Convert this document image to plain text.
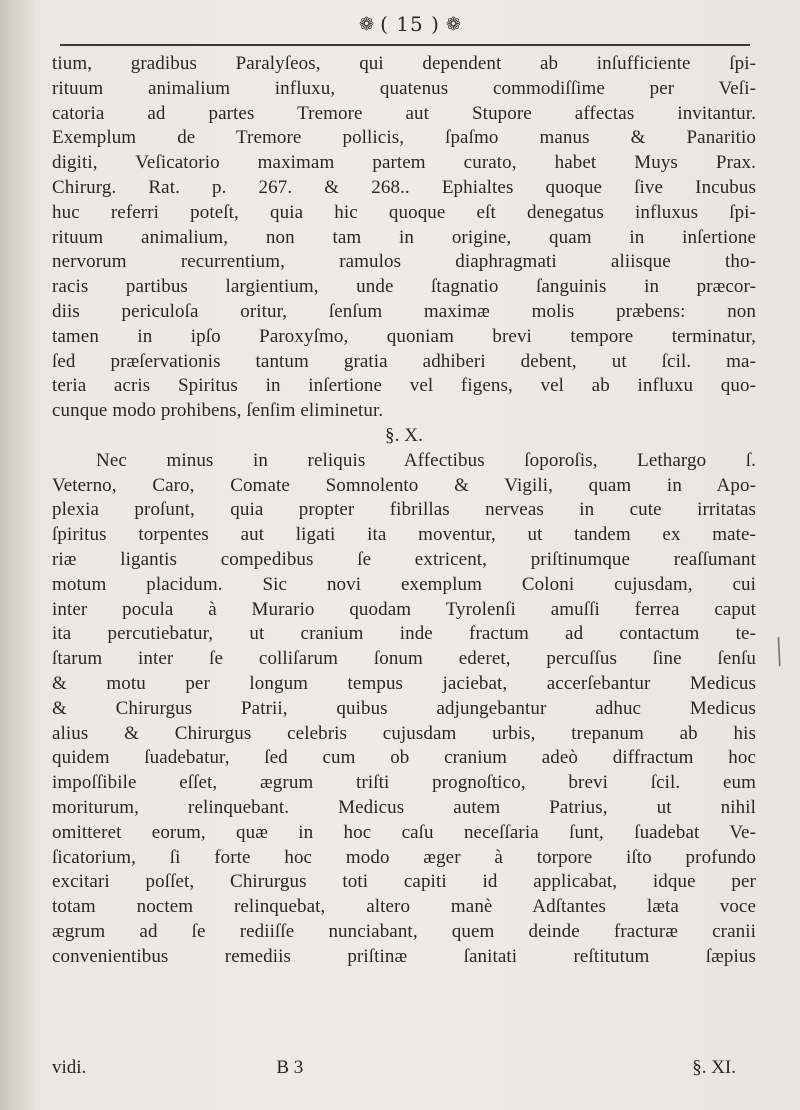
❁ ( 15 ) ❁
tium, gradibus Paralyſeos, qui dependent ab inſufficiente ſpi-
rituum animalium influxu, quatenus commodiſſime per Veſi-
catoria ad partes Tremore aut Stupore affectas invitantur.
Exemplum de Tremore pollicis, ſpaſmo manus & Panaritio
digiti, Veſicatorio maximam partem curato, habet Muys Prax.
Chirurg. Rat. p. 267. & 268.. Ephialtes quoque ſive Incubus
huc referri poteſt, quia hic quoque eſt denegatus influxus ſpi-
rituum animalium, non tam in origine, quam in inſertione
nervorum recurrentium, ramulos diaphragmati aliisque tho-
racis partibus largientium, unde ſtagnatio ſanguinis in præcor-
diis periculoſa oritur, ſenſum maximæ molis præbens: non
tamen in ipſo Paroxyſmo, quoniam brevi tempore terminatur,
ſed præſervationis tantum gratia adhiberi debent, ut ſcil. ma-
teria acris Spiritus in inſertione vel figens, vel ab influxu quo-
cunque modo prohibens, ſenſim eliminetur.
§. X.
Nec minus in reliquis Affectibus ſoporoſis, Lethargo ſ.
Veterno, Caro, Comate Somnolento & Vigili, quam in Apo-
plexia proſunt, quia propter fibrillas nerveas in cute irritatas
ſpiritus torpentes aut ligati ita moventur, ut tandem ex mate-
riæ ligantis compedibus ſe extricent, priſtinumque reaſſumant
motum placidum. Sic novi exemplum Coloni cujusdam, cui
inter pocula à Murario quodam Tyrolenſi amuſſi ferrea caput
ita percutiebatur, ut cranium inde fractum ad contactum te-
ſtarum inter ſe colliſarum ſonum ederet, percuſſus ſine ſenſu
& motu per longum tempus jaciebat, accerſebantur Medicus
& Chirurgus Patrii, quibus adjungebantur adhuc Medicus
alius & Chirurgus celebris cujusdam urbis, trepanum ab his
quidem ſuadebatur, ſed cum ob cranium adeò diffractum hoc
impoſſibile eſſet, ægrum triſti prognoſtico, brevi ſcil. eum
moriturum, relinquebant. Medicus autem Patrius, ut nihil
omitteret eorum, quæ in hoc caſu neceſſaria ſunt, ſuadebat Ve-
ſicatorium, ſi forte hoc modo æger à torpore iſto profundo
excitari poſſet, Chirurgus toti capiti id applicabat, idque per
totam noctem relinquebat, altero manè Adſtantes læta voce
ægrum ad ſe rediiſſe nunciabant, quem deinde fracturæ cranii
convenientibus remediis priſtinæ ſanitati reſtitutum ſæpius
vidi.	B 3	§. XI.
╱
